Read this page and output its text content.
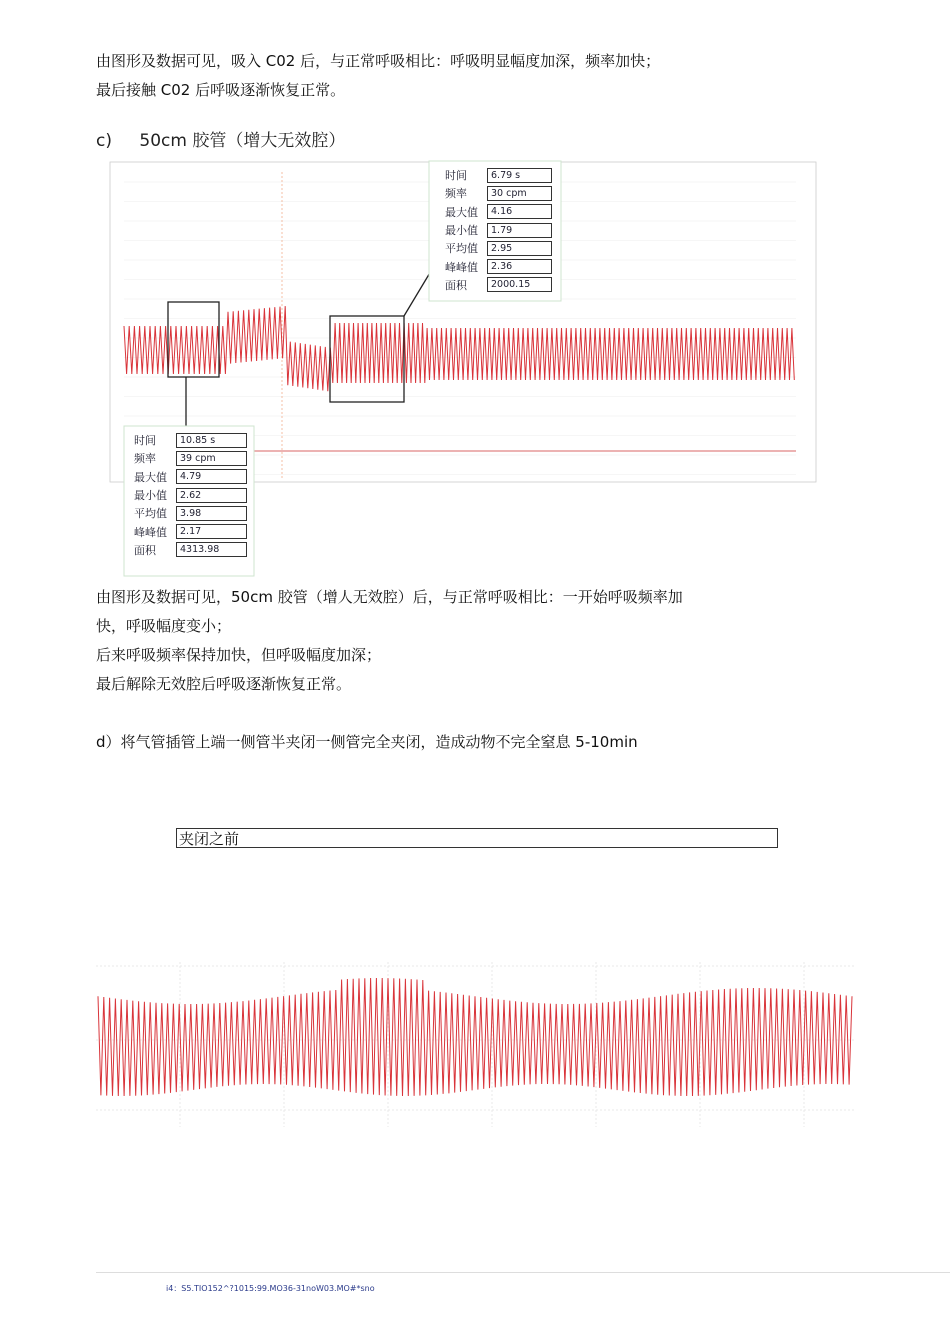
由图形及数据可见，吸入 C02 后，与正常呼吸相比：呼吸明显幅度加深，频率加快；
最后接触 C02 后呼吸逐渐恢复正常。
c) 50cm 胶管（增大无效腔）
时间	6.79 s
频率	30 cpm
最大值	4.16
最小值	1.79
平均值	2.95
峰峰值	2.36
面积	2000.15
时间	10.85 s
频率	39 cpm
最大值	4.79
最小值	2.62
平均值	3.98
峰峰值	2.17
面积	4313.98
由图形及数据可见，50cm 胶管（增人无效腔）后，与正常呼吸相比：一开始呼吸频率加
快，呼吸幅度变小；
后来呼吸频率保持加快，但呼吸幅度加深；
最后解除无效腔后呼吸逐渐恢复正常。
d）将气管插管上端一侧管半夹闭一侧管完全夹闭，造成动物不完全窒息 5-10min
夹闭之前
i4：S5.TIO152^?1015:99.MO36-31noW03.MO#*sno
